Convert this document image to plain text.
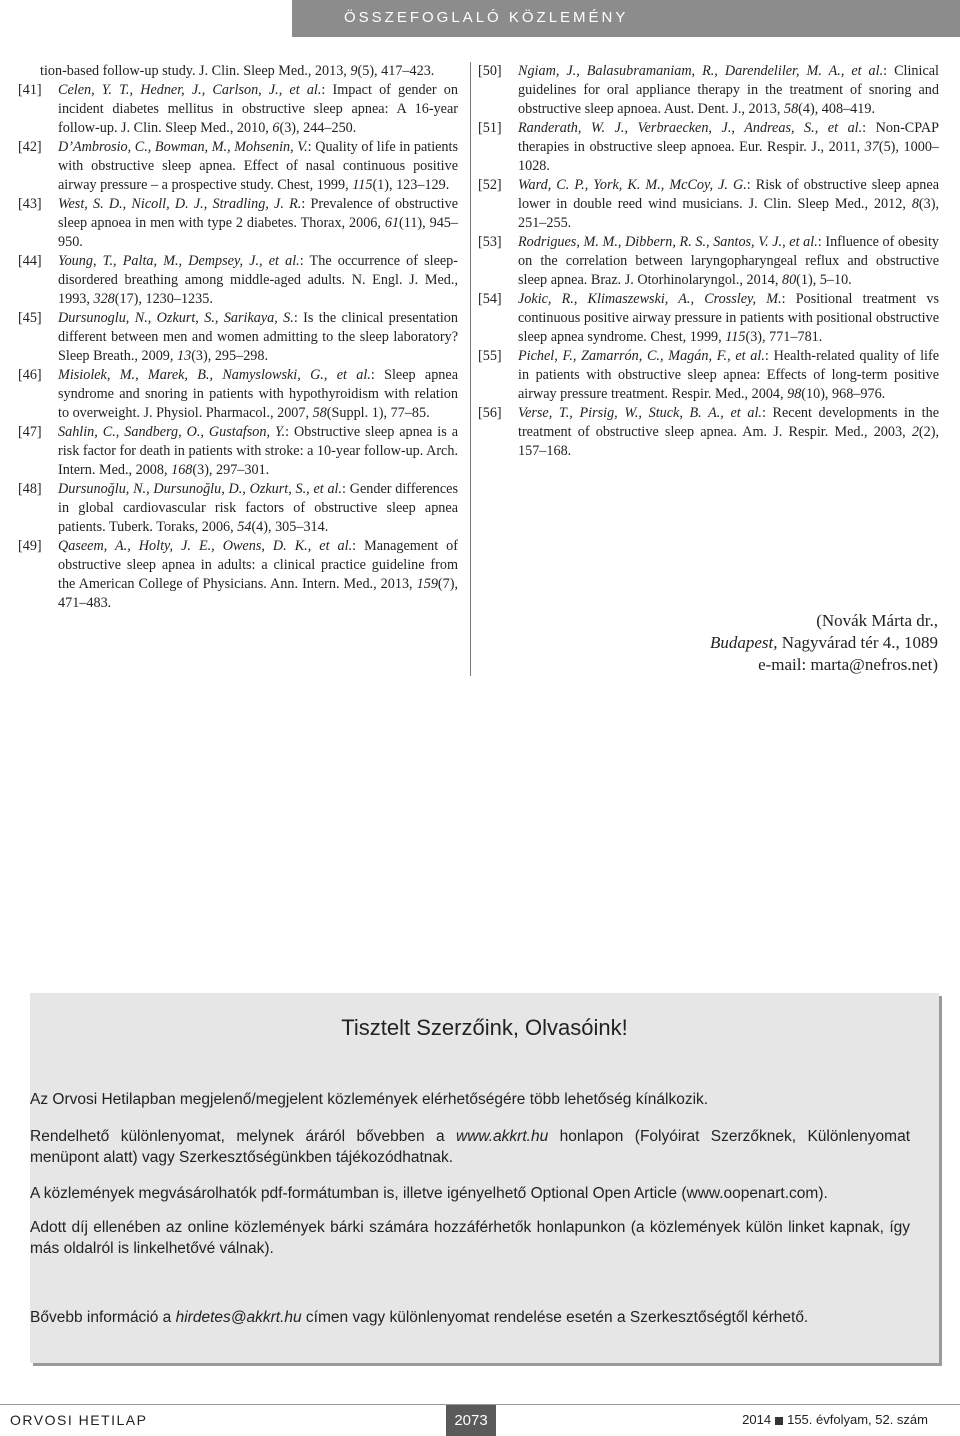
ÖSSZEFOGLALÓ KÖZLEMÉNY

tion-based follow-up study. J. Clin. Sleep Med., 2013, 9(5), 417–423.

[41] Celen, Y. T., Hedner, J., Carlson, J., et al.: Impact of gender on incident diabetes mellitus in obstructive sleep apnea: A 16-year follow-up. J. Clin. Sleep Med., 2010, 6(3), 244–250.

[42] D’Ambrosio, C., Bowman, M., Mohsenin, V.: Quality of life in patients with obstructive sleep apnea. Effect of nasal continuous positive airway pressure – a prospective study. Chest, 1999, 115(1), 123–129.

[43] West, S. D., Nicoll, D. J., Stradling, J. R.: Prevalence of obstructive sleep apnoea in men with type 2 diabetes. Thorax, 2006, 61(11), 945–950.

[44] Young, T., Palta, M., Dempsey, J., et al.: The occurrence of sleep-disordered breathing among middle-aged adults. N. Engl. J. Med., 1993, 328(17), 1230–1235.

[45] Dursunoglu, N., Ozkurt, S., Sarikaya, S.: Is the clinical presentation different between men and women admitting to the sleep laboratory? Sleep Breath., 2009, 13(3), 295–298.

[46] Misiolek, M., Marek, B., Namyslowski, G., et al.: Sleep apnea syndrome and snoring in patients with hypothyroidism with relation to overweight. J. Physiol. Pharmacol., 2007, 58(Suppl. 1), 77–85.

[47] Sahlin, C., Sandberg, O., Gustafson, Y.: Obstructive sleep apnea is a risk factor for death in patients with stroke: a 10-year follow-up. Arch. Intern. Med., 2008, 168(3), 297–301.

[48] Dursunoğlu, N., Dursunoğlu, D., Ozkurt, S., et al.: Gender differences in global cardiovascular risk factors of obstructive sleep apnea patients. Tuberk. Toraks, 2006, 54(4), 305–314.

[49] Qaseem, A., Holty, J. E., Owens, D. K., et al.: Management of obstructive sleep apnea in adults: a clinical practice guideline from the American College of Physicians. Ann. Intern. Med., 2013, 159(7), 471–483.

[50] Ngiam, J., Balasubramaniam, R., Darendeliler, M. A., et al.: Clinical guidelines for oral appliance therapy in the treatment of snoring and obstructive sleep apnoea. Aust. Dent. J., 2013, 58(4), 408–419.

[51] Randerath, W. J., Verbraecken, J., Andreas, S., et al.: Non-CPAP therapies in obstructive sleep apnoea. Eur. Respir. J., 2011, 37(5), 1000–1028.

[52] Ward, C. P., York, K. M., McCoy, J. G.: Risk of obstructive sleep apnea lower in double reed wind musicians. J. Clin. Sleep Med., 2012, 8(3), 251–255.

[53] Rodrigues, M. M., Dibbern, R. S., Santos, V. J., et al.: Influence of obesity on the correlation between laryngopharyngeal reflux and obstructive sleep apnea. Braz. J. Otorhinolaryngol., 2014, 80(1), 5–10.

[54] Jokic, R., Klimaszewski, A., Crossley, M.: Positional treatment vs continuous positive airway pressure in patients with positional obstructive sleep apnea syndrome. Chest, 1999, 115(3), 771–781.

[55] Pichel, F., Zamarrón, C., Magán, F., et al.: Health-related quality of life in patients with obstructive sleep apnea: Effects of long-term positive airway pressure treatment. Respir. Med., 2004, 98(10), 968–976.

[56] Verse, T., Pirsig, W., Stuck, B. A., et al.: Recent developments in the treatment of obstructive sleep apnea. Am. J. Respir. Med., 2003, 2(2), 157–168.

(Novák Márta dr.,
Budapest, Nagyvárad tér 4., 1089
e-mail: marta@nefros.net)
Tisztelt Szerzőink, Olvasóink!
Az Orvosi Hetilapban megjelenő/megjelent közlemények elérhetőségére több lehetőség kínálkozik.
Rendelhető különlenyomat, melynek áráról bővebben a www.akkrt.hu honlapon (Folyóirat Szerzőknek, Különlenyomat menüpont alatt) vagy Szerkesztőségünkben tájékozódhatnak.
A közlemények megvásárolhatók pdf-formátumban is, illetve igényelhető Optional Open Article (www.oopenart.com).
Adott díj ellenében az online közlemények bárki számára hozzáférhetők honlapunkon (a közlemények külön linket kapnak, így más oldalról is linkelhetővé válnak).
Bővebb információ a hirdetes@akkrt.hu címen vagy különlenyomat rendelése esetén a Szerkesztőségtől kérhető.
ORVOSI HETILAP	2073	2014 155. évfolyam, 52. szám
